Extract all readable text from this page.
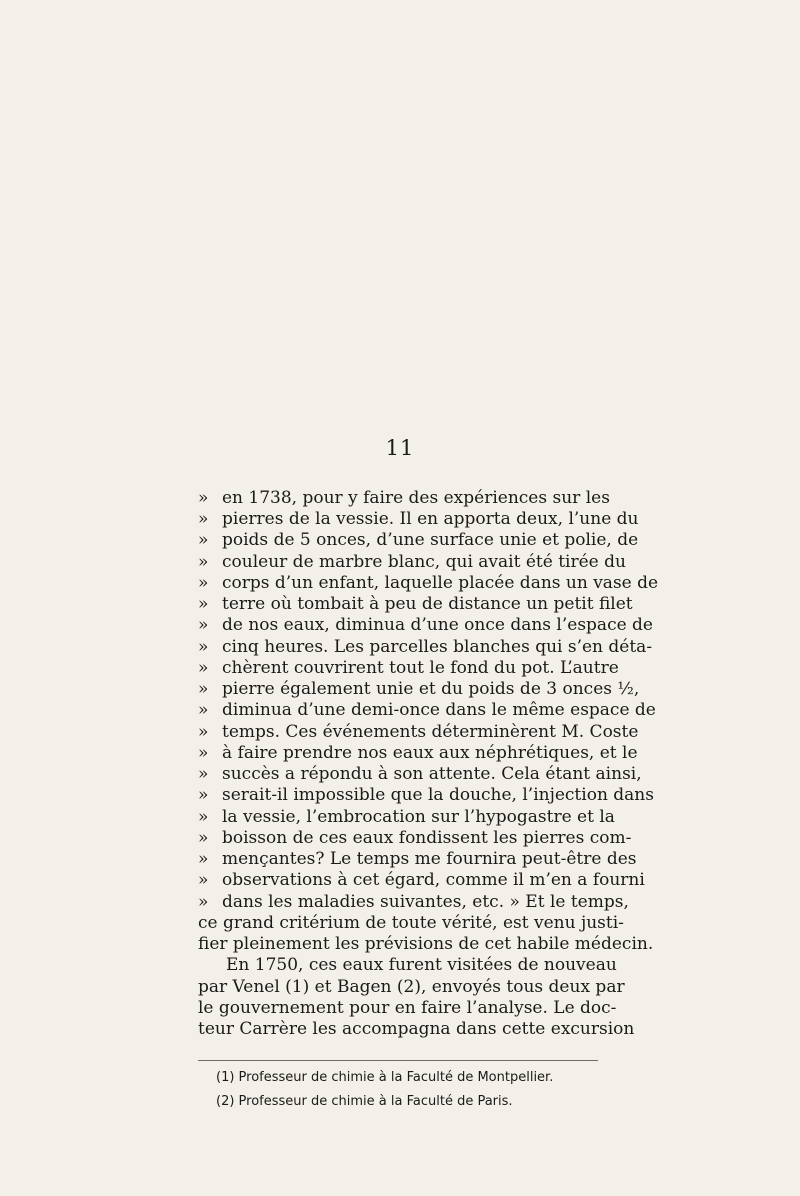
11
» en 1738, pour y faire des expériences sur les
» pierres de la vessie. Il en apporta deux, l’une du
» poids de 5 onces, d’une surface unie et polie, de
» couleur de marbre blanc, qui avait été tirée du
» corps d’un enfant, laquelle placée dans un vase de
» terre où tombait à peu de distance un petit filet
» de nos eaux, diminua d’une once dans l’espace de
» cinq heures. Les parcelles blanches qui s’en déta-
» chèrent couvrirent tout le fond du pot. L’autre
» pierre également unie et du poids de 3 onces ½,
» diminua d’une demi-once dans le même espace de
» temps. Ces événements déterminèrent M. Coste
» à faire prendre nos eaux aux néphrétiques, et le
» succès a répondu à son attente. Cela étant ainsi,
» serait-il impossible que la douche, l’injection dans
» la vessie, l’embrocation sur l’hypogastre et la
» boisson de ces eaux fondissent les pierres com-
» mençantes? Le temps me fournira peut-être des
» observations à cet égard, comme il m’en a fourni
» dans les maladies suivantes, etc. » Et le temps,
ce grand critérium de toute vérité, est venu justi-
fier pleinement les prévisions de cet habile médecin.
En 1750, ces eaux furent visitées de nouveau
par Venel (1) et Bagen (2), envoyés tous deux par
le gouvernement pour en faire l’analyse. Le doc-
teur Carrère les accompagna dans cette excursion
(1) Professeur de chimie à la Faculté de Montpellier.
(2) Professeur de chimie à la Faculté de Paris.
